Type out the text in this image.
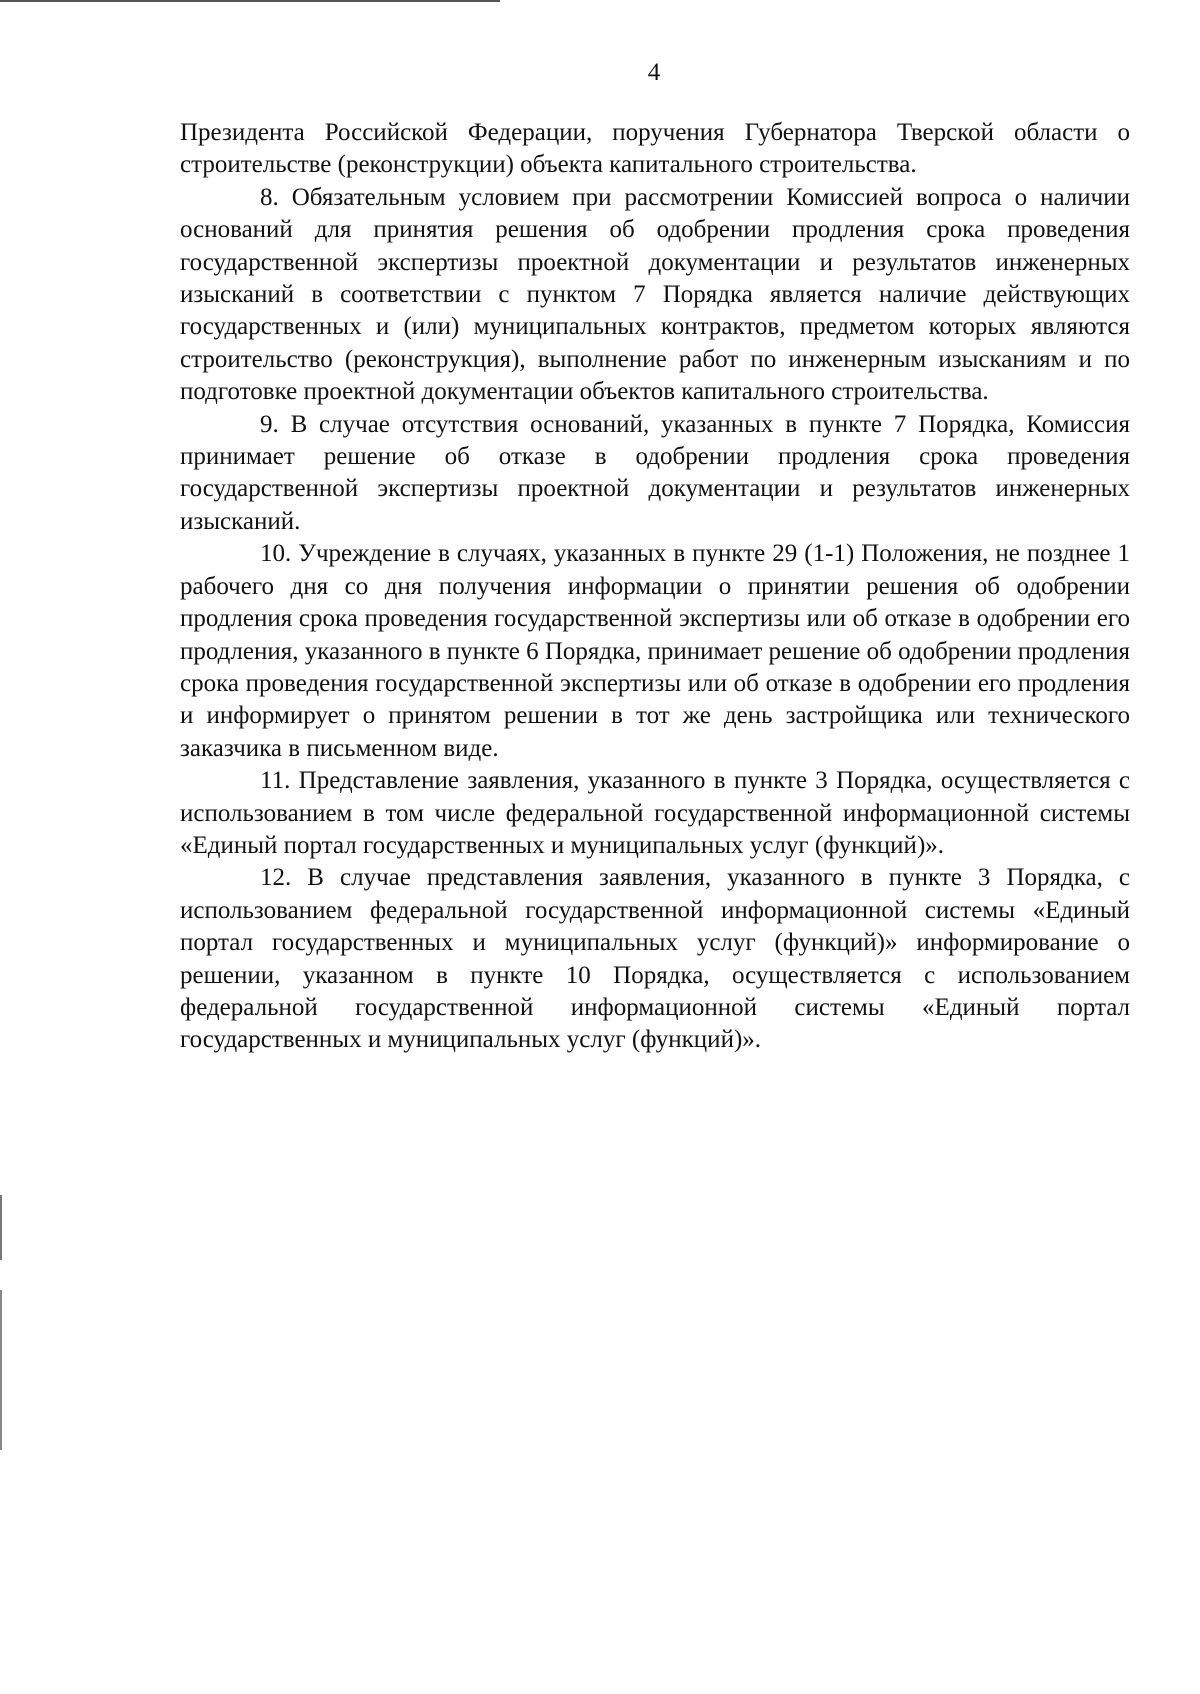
4

Президента Российской Федерации, поручения Губернатора Тверской области о строительстве (реконструкции) объекта капитального строительства.

8. Обязательным условием при рассмотрении Комиссией вопроса о наличии оснований для принятия решения об одобрении продления срока проведения государственной экспертизы проектной документации и результатов инженерных изысканий в соответствии с пунктом 7 Порядка является наличие действующих государственных и (или) муниципальных контрактов, предметом которых являются строительство (реконструкция), выполнение работ по инженерным изысканиям и по подготовке проектной документации объектов капитального строительства.

9. В случае отсутствия оснований, указанных в пункте 7 Порядка, Комиссия принимает решение об отказе в одобрении продления срока проведения государственной экспертизы проектной документации и результатов инженерных изысканий.

10. Учреждение в случаях, указанных в пункте 29 (1-1) Положения, не позднее 1 рабочего дня со дня получения информации о принятии решения об одобрении продления срока проведения государственной экспертизы или об отказе в одобрении его продления, указанного в пункте 6 Порядка, принимает решение об одобрении продления срока проведения государственной экспертизы или об отказе в одобрении его продления и информирует о принятом решении в тот же день застройщика или технического заказчика в письменном виде.

11. Представление заявления, указанного в пункте 3 Порядка, осуществляется с использованием в том числе федеральной государственной информационной системы «Единый портал государственных и муниципальных услуг (функций)».

12. В случае представления заявления, указанного в пункте 3 Порядка, с использованием федеральной государственной информационной системы «Единый портал государственных и муниципальных услуг (функций)» информирование о решении, указанном в пункте 10 Порядка, осуществляется с использованием федеральной государственной информационной системы «Единый портал государственных и муниципальных услуг (функций)».
